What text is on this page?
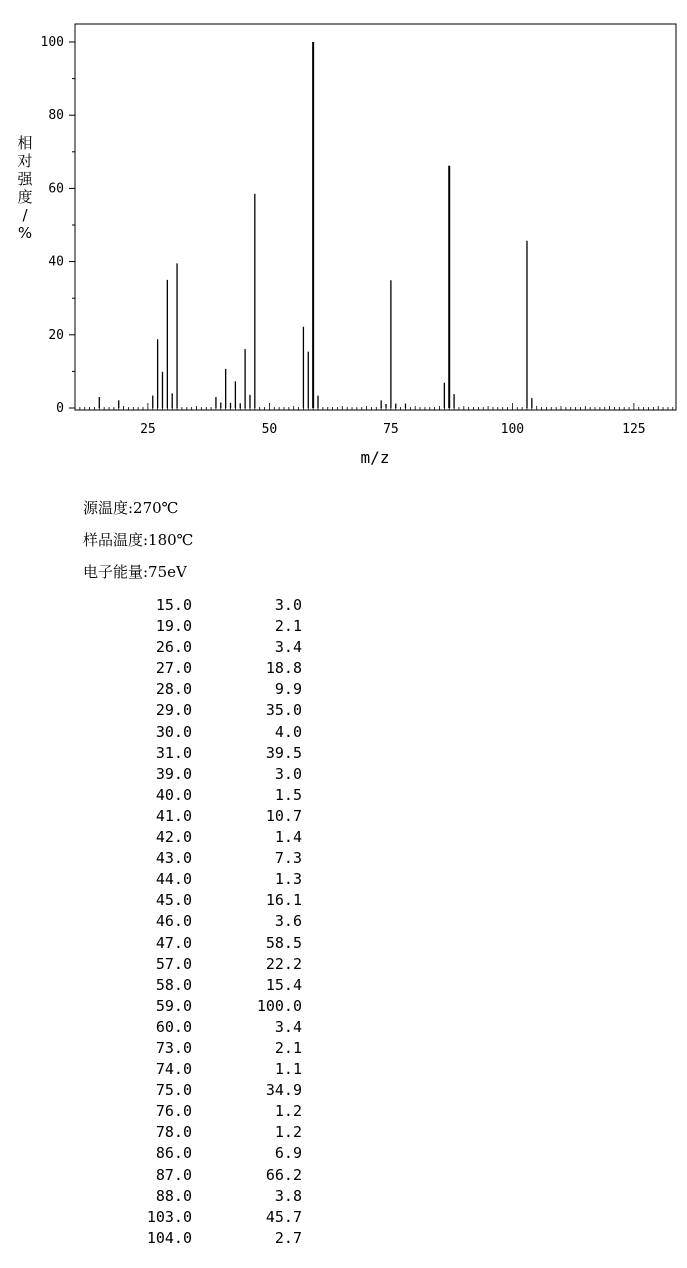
0
20
40
60
80
100
25	50	75	100	125
m/z
相
对
强
度
/
%
源温度:270℃
样品温度:180℃
电子能量:75eV
15.0	3.0
19.0	2.1
26.0	3.4
27.0	18.8
28.0	9.9
29.0	35.0
30.0	4.0
31.0	39.5
39.0	3.0
40.0	1.5
41.0	10.7
42.0	1.4
43.0	7.3
44.0	1.3
45.0	16.1
46.0	3.6
47.0	58.5
57.0	22.2
58.0	15.4
59.0	100.0
60.0	3.4
73.0	2.1
74.0	1.1
75.0	34.9
76.0	1.2
78.0	1.2
86.0	6.9
87.0	66.2
88.0	3.8
103.0	45.7
104.0	2.7
